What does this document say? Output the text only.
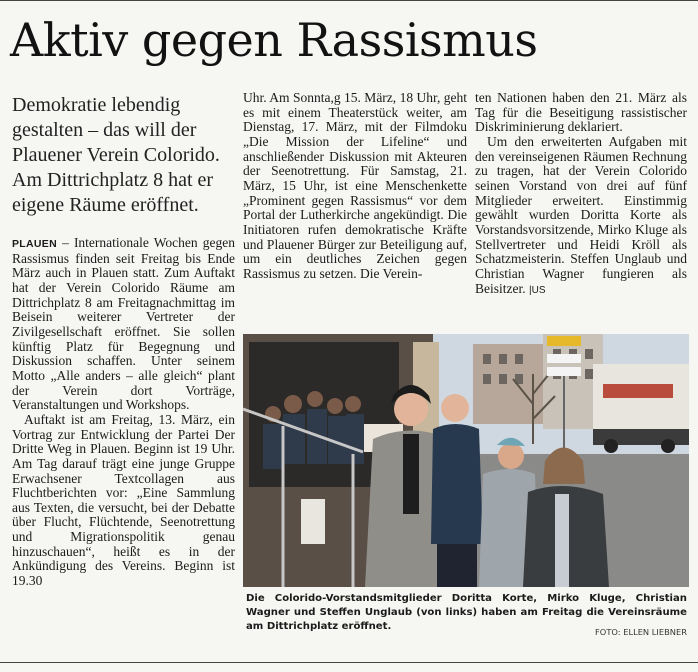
Aktiv gegen Rassismus

Demokratie lebendig gestalten – das will der Plauener Verein Colorido. Am Dittrichplatz 8 hat er eigene Räume eröffnet.

PLAUEN – Internationale Wochen gegen Rassismus finden seit Freitag bis Ende März auch in Plauen statt. Zum Auftakt hat der Verein Colorido Räume am Dittrichplatz 8 am Freitagnachmittag im Beisein weiterer Vertreter der Zivilgesellschaft eröffnet. Sie sollen künftig Platz für Begegnung und Diskussion schaffen. Unter seinem Motto „Alle anders – alle gleich“ plant der Verein dort Vorträge, Veranstaltungen und Workshops.

Auftakt ist am Freitag, 13. März, ein Vortrag zur Entwicklung der Partei Der Dritte Weg in Plauen. Beginn ist 19 Uhr. Am Tag darauf trägt eine junge Gruppe Erwachsener Textcollagen aus Fluchtberichten vor: „Eine Sammlung aus Texten, die versucht, bei der Debatte über Flucht, Flüchtende, Seenotrettung und Migrationspolitik genau hinzuschauen“, heißt es in der Ankündigung des Vereins. Beginn ist 19.30

Uhr. Am Sonnta,g 15. März, 18 Uhr, geht es mit einem Theaterstück weiter, am Dienstag, 17. März, mit der Filmdoku „Die Mission der Lifeline“ und anschließender Diskussion mit Akteuren der Seenotrettung. Für Samstag, 21. März, 15 Uhr, ist eine Menschenkette „Prominent gegen Rassismus“ vor dem Portal der Lutherkirche angekündigt. Die Initiatoren rufen demokratische Kräfte und Plauener Bürger zur Beteiligung auf, um ein deutliches Zeichen gegen Rassismus zu setzen. Die Verein-

ten Nationen haben den 21. März als Tag für die Beseitigung rassistischer Diskriminierung deklariert.

Um den erweiterten Aufgaben mit den vereinseigenen Räumen Rechnung zu tragen, hat der Verein Colorido seinen Vorstand von drei auf fünf Mitglieder erweitert. Einstimmig gewählt wurden Doritta Korte als Vorstandsvorsitzende, Mirko Kluge als Stellvertreter und Heidi Kröll als Schatzmeisterin. Steffen Unglaub und Christian Wagner fungieren als Beisitzer. |US

Die Colorido-Vorstandsmitglieder Doritta Korte, Mirko Kluge, Christian Wagner und Steffen Unglaub (von links) haben am Freitag die Vereinsräume am Dittrichplatz eröffnet.	FOTO: ELLEN LIEBNER
